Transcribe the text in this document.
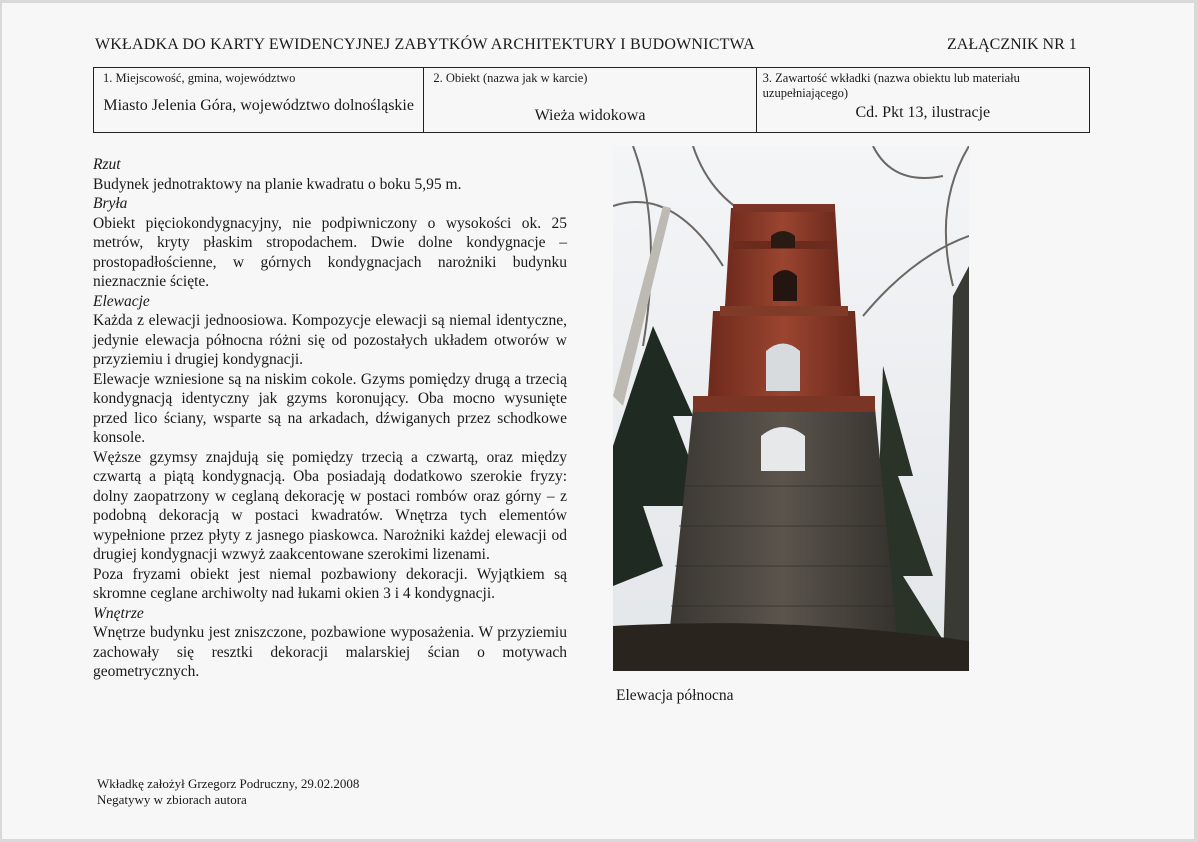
WKŁADKA DO KARTY EWIDENCYJNEJ ZABYTKÓW ARCHITEKTURY I BUDOWNICTWA	ZAŁĄCZNIK NR 1
1. Miejscowość, gmina, województwo
Miasto Jelenia Góra, województwo dolnośląskie
2. Obiekt (nazwa jak w karcie)
Wieża widokowa
3. Zawartość wkładki (nazwa obiektu lub materiału uzupełniającego)
Cd. Pkt 13, ilustracje

Rzut

Budynek jednotraktowy na planie kwadratu o boku 5,95 m.

Bryła

Obiekt pięciokondygnacyjny, nie podpiwniczony o wysokości ok. 25 metrów, kryty płaskim stropodachem. Dwie dolne kondygnacje – prostopadłościenne, w górnych kondygnacjach narożniki budynku nieznacznie ścięte.

Elewacje

Każda z elewacji jednoosiowa. Kompozycje elewacji są niemal identyczne, jedynie elewacja północna różni się od pozostałych układem otworów w przyziemiu i drugiej kondygnacji.

Elewacje wzniesione są na niskim cokole. Gzyms pomiędzy drugą a trzecią kondygnacją identyczny jak gzyms koronujący. Oba mocno wysunięte przed lico ściany, wsparte są na arkadach, dźwiganych przez schodkowe konsole.

Węższe gzymsy znajdują się pomiędzy trzecią a czwartą, oraz między czwartą a piątą kondygnacją. Oba posiadają dodatkowo szerokie fryzy: dolny zaopatrzony w ceglaną dekorację w postaci rombów oraz górny – z podobną dekoracją w postaci kwadratów. Wnętrza tych elementów wypełnione przez płyty z jasnego piaskowca. Narożniki każdej elewacji od drugiej kondygnacji wzwyż zaakcentowane szerokimi lizenami.

Poza fryzami obiekt jest niemal pozbawiony dekoracji. Wyjątkiem są skromne ceglane archiwolty nad łukami okien 3 i 4 kondygnacji.

Wnętrze

Wnętrze budynku jest zniszczone, pozbawione wyposażenia. W przyziemiu zachowały się resztki dekoracji malarskiej ścian o motywach geometrycznych.

Elewacja północna
Wkładkę założył Grzegorz Podruczny, 29.02.2008
Negatywy w zbiorach autora
